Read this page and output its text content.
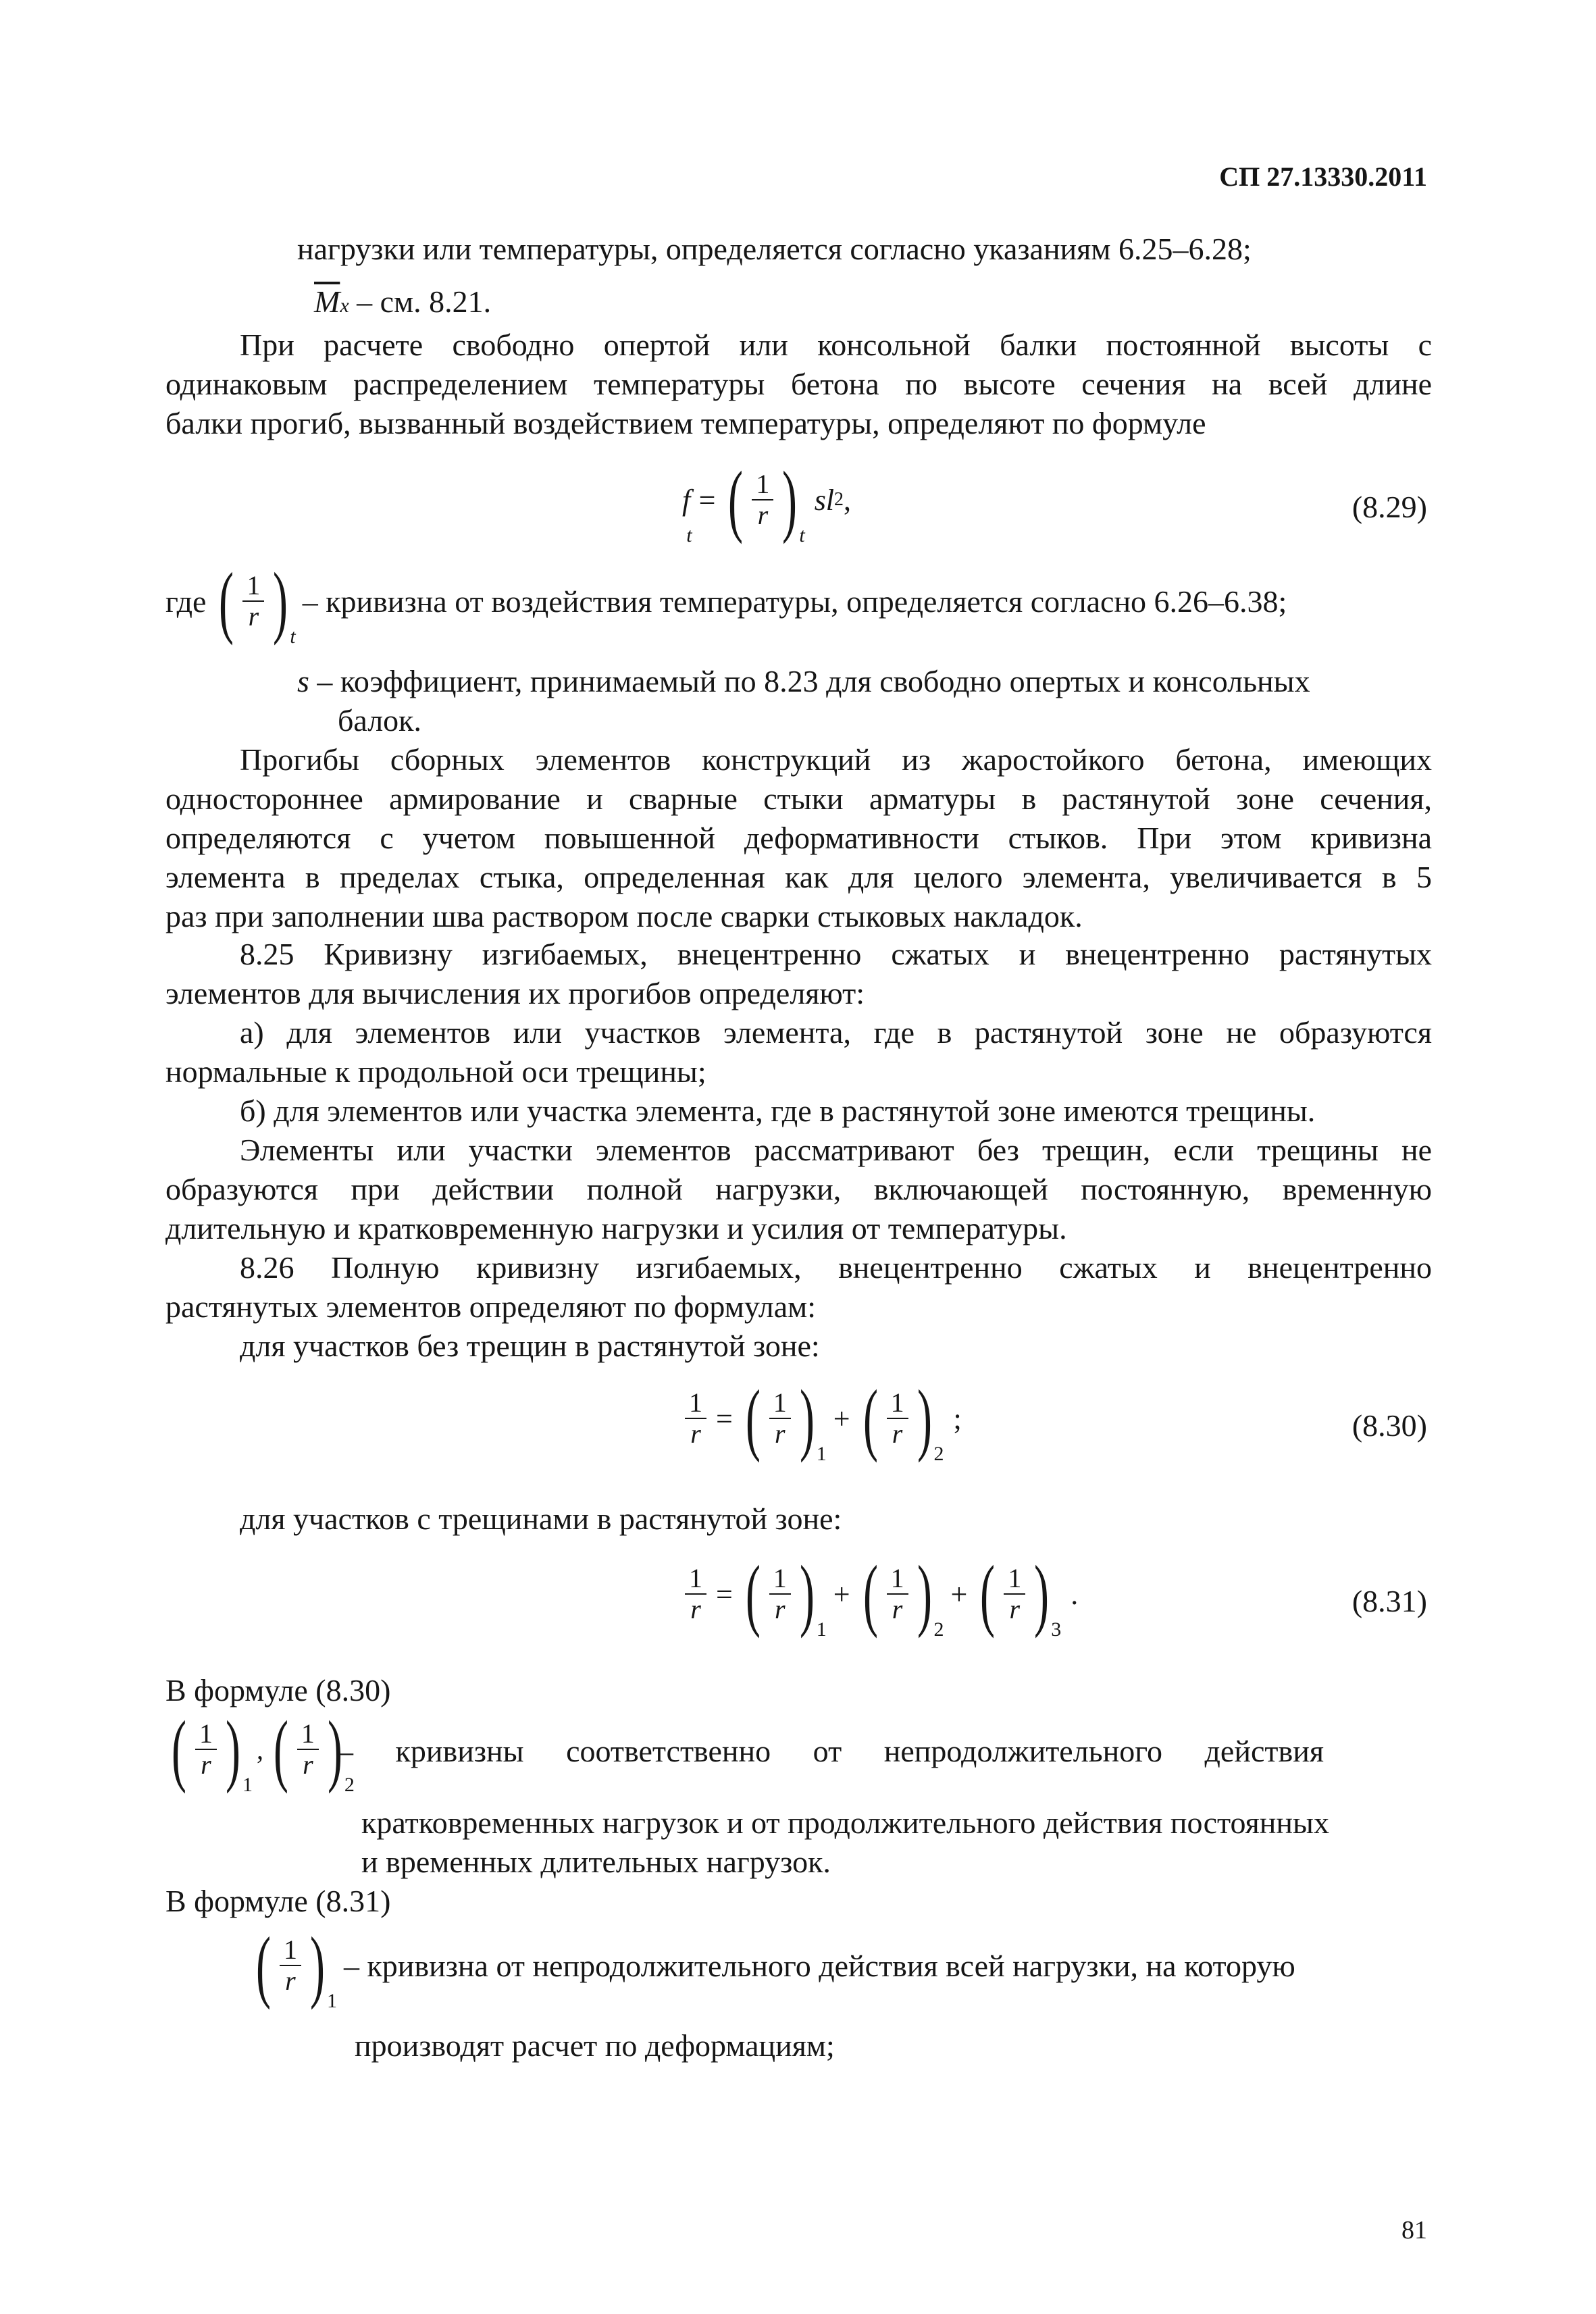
СП 27.13330.2011

нагрузки или температуры, определяется согласно указаниям 6.25–6.28;

$\overline{M}x$ – см. 8.21.

При расчете свободно опертой или консольной балки постоянной высоты с

одинаковым распределением температуры бетона по высоте сечения на всей длине

балки прогиб, вызванный воздействием температуры, определяют по формуле

f
t
= ( $\frac{1}{r}$ ) t
sl 2 ,	(8.29)
где ( $\frac{1}{r}$ ) t
– кривизна от воздействия температуры, определяется согласно 6.26–6.38;

s – коэффициент, принимаемый по 8.23 для свободно опертых и консольных

балок.

Прогибы сборных элементов конструкций из жаростойкого бетона, имеющих

одностороннее армирование и сварные стыки арматуры в растянутой зоне сечения,

определяются с учетом повышенной деформативности стыков. При этом кривизна

элемента в пределах стыка, определенная как для целого элемента, увеличивается в 5

раз при заполнении шва раствором после сварки стыковых накладок.

8.25 Кривизну изгибаемых, внецентренно сжатых и внецентренно растянутых

элементов для вычисления их прогибов определяют:

а) для элементов или участков элемента, где в растянутой зоне не образуются

нормальные к продольной оси трещины;

б) для элементов или участка элемента, где в растянутой зоне имеются трещины.

Элементы или участки элементов рассматривают без трещин, если трещины не

образуются при действии полной нагрузки, включающей постоянную, временную

длительную и кратковременную нагрузки и усилия от температуры.

8.26 Полную кривизну изгибаемых, внецентренно сжатых и внецентренно

растянутых элементов определяют по формулам:

для участков без трещин в растянутой зоне:

$\frac{1}{r}$ = ( $\frac{1}{r}$ ) 1
+ ( $\frac{1}{r}$ ) 2
;	(8.30)

для участков с трещинами в растянутой зоне:

$\frac{1}{r}$ = ( $\frac{1}{r}$ ) 1
+ ( $\frac{1}{r}$ ) 2
+ ( $\frac{1}{r}$ ) 3
.	(8.31)

В формуле (8.30)

( $\frac{1}{r}$ ) 1
, ( $\frac{1}{r}$ ) 2

– кривизны соответственно от непродолжительного действия

кратковременных нагрузок и от продолжительного действия постоянных

и временных длительных нагрузок.

В формуле (8.31)

( $\frac{1}{r}$ ) 1
– кривизна от непродолжительного действия всей нагрузки, на которую

производят расчет по деформациям;

81
